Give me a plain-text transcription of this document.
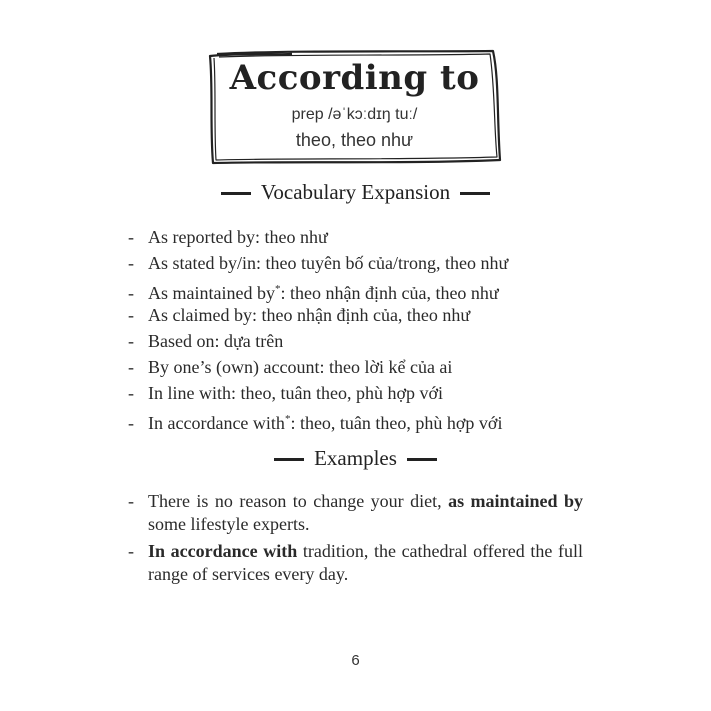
According to
prep /əˈkɔːdɪŋ tuː/
theo, theo như
Vocabulary Expansion
- As reported by: theo như
- As stated by/in: theo tuyên bố của/trong, theo như
- As maintained by*: theo nhận định của, theo như
- As claimed by: theo nhận định của, theo như
- Based on: dựa trên
- By one’s (own) account: theo lời kể của ai
- In line with: theo, tuân theo, phù hợp với
- In accordance with*: theo, tuân theo, phù hợp với
Examples
- There is no reason to change your diet, as maintained by some lifestyle experts.
- In accordance with tradition, the cathedral offered the full range of services every day.
6
